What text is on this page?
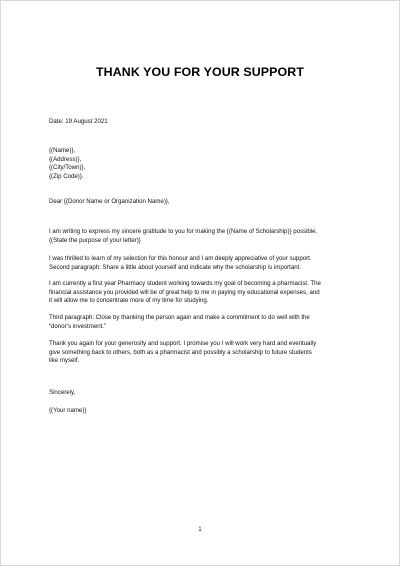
THANK YOU FOR YOUR SUPPORT
Date: 19 August 2021
{(Name)},
{(Address)},
{(City/Town)},
{(Zip Code)}.
Dear {(Donor Name or Organization Name)},
I am writing to express my sincere gratitude to you for making the {(Name of Scholarship)} possible.
{(State the purpose of your letter)}
I was thrilled to learn of my selection for this honour and I am deeply appreciative of your support.
Second paragraph: Share a little about yourself and indicate why the scholarship is important.
I am currently a first year Pharmacy student working towards my goal of becoming a pharmacist. The
financial assistance you provided will be of great help to me in paying my educational expenses, and
it will allow me to concentrate more of my time for studying.
Third paragraph: Close by thanking the person again and make a commitment to do well with the
“donor’s investment.”
Thank you again for your generosity and support. I promise you I will work very hard and eventually
give something back to others, both as a pharmacist and possibly a scholarship to future students
like myself.
Sincerely,
{(Your name)}
1
